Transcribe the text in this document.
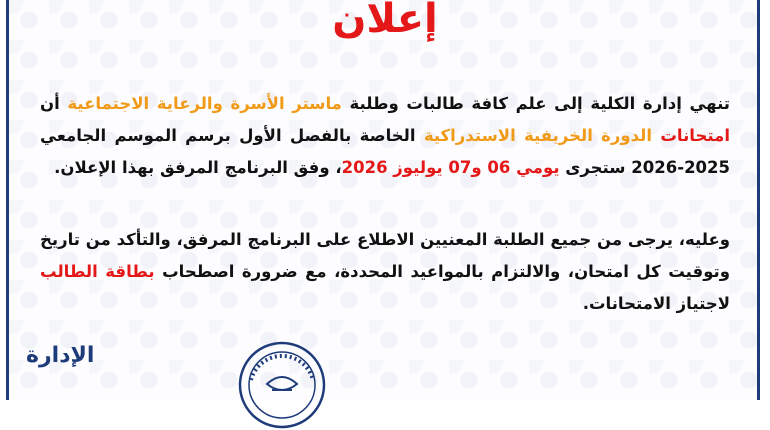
إعلان
تنهي إدارة الكلية إلى علم كافة طالبات وطلبة ماستر الأسرة والرعاية الاجتماعية أن امتحانات الدورة الخريفية الاستدراكية الخاصة بالفصل الأول برسم الموسم الجامعي 2025-2026 ستجرى يومي 06 و07 يوليوز 2026، وفق البرنامج المرفق بهذا الإعلان.
وعليه، يرجى من جميع الطلبة المعنيين الاطلاع على البرنامج المرفق، والتأكد من تاريخ وتوقيت كل امتحان، والالتزام بالمواعيد المحددة، مع ضرورة اصطحاب بطاقة الطالب لاجتياز الامتحانات.
الإدارة
